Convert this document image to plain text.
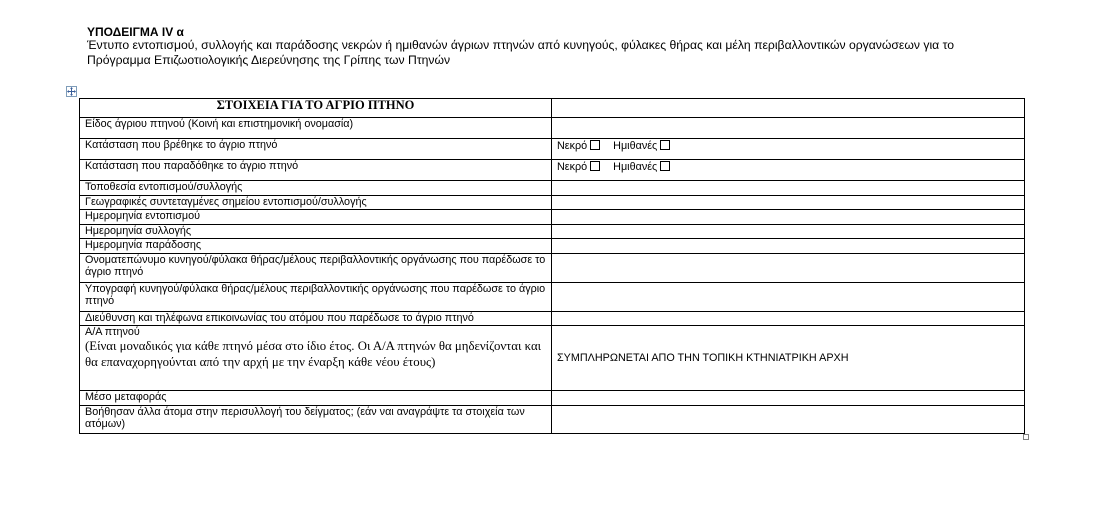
ΥΠΟΔΕΙΓΜΑ IV α
Έντυπο εντοπισμού, συλλογής και παράδοσης νεκρών ή ημιθανών άγριων πτηνών από κυνηγούς, φύλακες θήρας και μέλη περιβαλλοντικών οργανώσεων για το Πρόγραμμα Επιζωοτιολογικής Διερεύνησης της Γρίπης των Πτηνών
ΣΤΟΙΧΕΙΑ ΓΙΑ ΤΟ ΑΓΡΙΟ ΠΤΗΝΟ	
Είδος άγριου πτηνού (Κοινή και επιστημονική ονομασία)	
Κατάσταση που βρέθηκε το άγριο πτηνό	Νεκρό Ημιθανές
Κατάσταση που παραδόθηκε το άγριο πτηνό	Νεκρό Ημιθανές
Τοποθεσία εντοπισμού/συλλογής	
Γεωγραφικές συντεταγμένες σημείου εντοπισμού/συλλογής	
Ημερομηνία εντοπισμού	
Ημερομηνία συλλογής	
Ημερομηνία παράδοσης	
Ονοματεπώνυμο κυνηγού/φύλακα θήρας/μέλους περιβαλλοντικής οργάνωσης που παρέδωσε το άγριο πτηνό	
Υπογραφή κυνηγού/φύλακα θήρας/μέλους περιβαλλοντικής οργάνωσης που παρέδωσε το άγριο πτηνό	
Διεύθυνση και τηλέφωνα επικοινωνίας του ατόμου που παρέδωσε το άγριο πτηνό	

Α/Α πτηνού
(Είναι μοναδικός για κάθε πτηνό μέσα στο ίδιο έτος. Οι Α/Α πτηνών θα μηδενίζονται και θα επαναχορηγούνται από την αρχή με την έναρξη κάθε νέου έτους)	ΣΥΜΠΛΗΡΩΝΕΤΑΙ ΑΠΟ ΤΗΝ ΤΟΠΙΚΗ ΚΤΗΝΙΑΤΡΙΚΗ ΑΡΧΗ
Μέσο μεταφοράς	
Βοήθησαν άλλα άτομα στην περισυλλογή του δείγματος; (εάν ναι αναγράψτε τα στοιχεία των ατόμων)	
